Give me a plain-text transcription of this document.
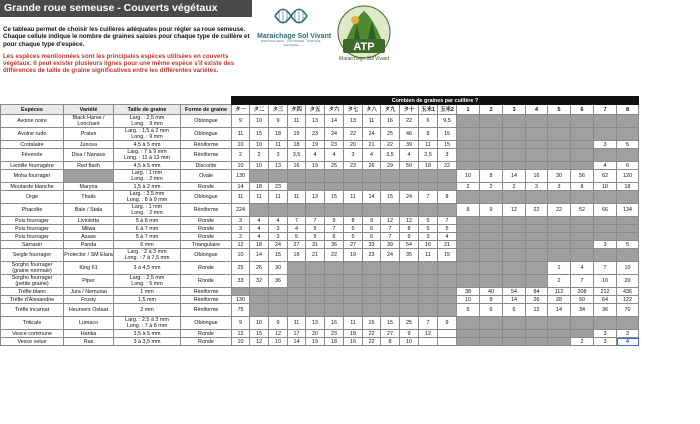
Grande roue semeuse - Couverts végétaux

Ce tableau permet de choisir les cuillères adéquates pour régler sa roue semeuse. Chaque cellule indique le nombre de graines saisies pour chaque type de cuillère et pour chaque type d'espèce.

Les espèces mentionnées sont les principales espèces utilisées en couverts végétaux. Il peut exister plusieurs lignes pour une même espèce s'il existe des différences de taille de graine significatives entre les différentes variétés.

Maraichage Sol Vivant
BIENVEILLANCE · AUTONOMIE · PARTAGE
Normandie	ATP
Maraichage Sol Vivant
				Combien de graines par cuillère ?																			
Espèces	Variété	Taille de graine	Forme de graine	タ一	タ二	タ三	タ四	タ五	タ六	タ七	タ八	タ九	タ十	玉米1	玉米2	1	2	3	4	5	6	7	8
Avoine noire	Black Harse / Lonchant	Larg. : 2,5 mm
Long. : 9 mm	Oblongue	9	10	9	11	13	14	13	11	16	22	6	9,5								
Avoine rude	Pratex	Larg. : 1,5 à 2 mm
Long. : 9 mm	Oblongue	11	15	18	19	23	24	22	24	25	46	8	15								
Crotalaire	Juncea	4,5 à 5 mm	Réniforme	10	10	11	18	19	23	20	21	22	39	11	15							3	5
Féverole	Diva / Nanaux	Larg. : 7 à 9 mm
Long. : 11 à 13 mm	Réniforme	2	2	3	3,5	4	4	3	4	3,5	4	2,5	3								
Lentille fourragère	Red flash	4,5 à 5 mm	Discoïde	10	10	13	16	19	25	23	26	29	50	18	22							4	6
Moha fourrager		Larg. : 1 mm
Long. : 2 mm	Ovale	130												10	8	14	16	30	56	62	120
Moutarde blanche	Maryna	1,5 à 2 mm	Ronde	14	18	23										2	2	2	3	3	8	10	18
Orge	Thalis	Larg. : 3,5 mm
Long. : 8 à 9 mm	Oblongue	11	11	11	11	13	15	11	14	15	24	7	8								
Phacélie	Bale / Stala	Larg. : 1 mm
Long. : 2 mm	Réniforme	224												8	9	12	22	22	52	66	134
Pois fourrager	Livioletta	5 à 8 mm	Ronde	3	4	4	7	7	9	8	9	12	12	5	7								
Pois fourrager	Milwa	6 à 7 mm	Ronde	3	4	3	4	5	7	5	6	7	8	5	5								
Pois fourrager	Assas	5 à 7 mm	Ronde	2	4	3	5	5	6	5	6	7	9	3	4								
Sarrasin	Panda	6 mm	Triangulaire	12	18	24	27	31	36	27	33	39	54	16	21							3	5
Seigle fourrager	Protector / SM Elara	Larg. : 2 à 3 mm
Long. : 7 à 7,5 mm	Oblongue	10	14	15	18	21	22	19	23	24	35	11	15								
Sorgho fourrager
(graine normale)	King 61	3 à 4,5 mm	Ronde	25	26	30														1	4	7	10
Sorgho fourrager
(petite graine)	Piper	Larg. : 2,5 mm
Long. : 5 mm	Ronde	33	32	36														2	7	10	20
Trèfle blanc	Jura / Nemunai	1 mm	Réniforme													38	40	54	84	112	208	212	436
Trèfle d'Alexandrie	Frosty	1,5 mm	Réniforme	130												10	8	14	26	28	50	64	122
Trèfle incarnat	Heursers Ostaat	2 mm	Réniforme	75												5	6	6	12	14	34	36	70
Triticale	Lumaco	Larg. : 2,5 à 3 mm
Long. : 7 à 8 mm	Oblongue	9	10	9	11	13	16	11	15	15	25	7	9								
Vesce commune	Hanka	3,5 à 5 mm	Ronde	12	15	12	17	20	23	18	22	27	9	12								3	3
Vesce velue	Ras	3 à 3,5 mm	Ronde	10	12	10	14	19	18	16	22	8	10								2	3	4
